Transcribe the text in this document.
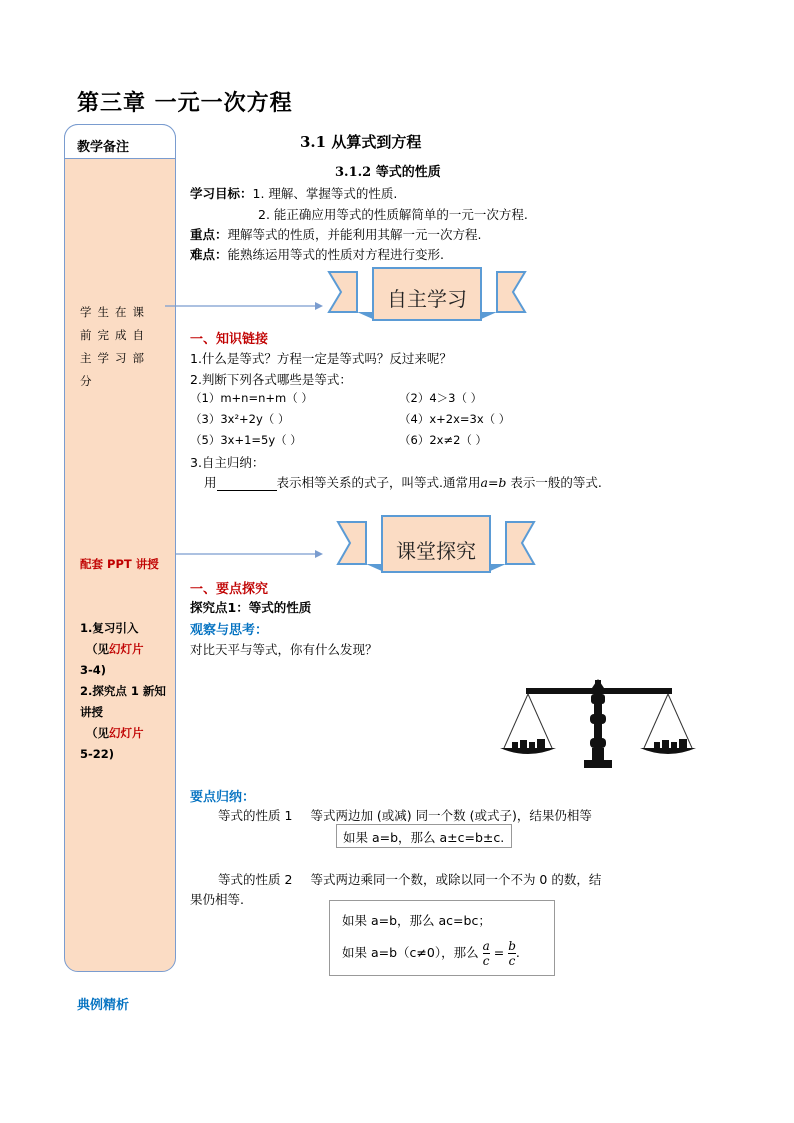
第三章 一元一次方程
教学备注
学生在课前完成自主学习部分
配套 PPT 讲授
1.复习引入
（见幻灯片
3-4)
2.探究点 1 新知讲授
（见幻灯片
5-22)
3.1 从算式到方程
3.1.2 等式的性质
学习目标：1. 理解、掌握等式的性质.
2. 能正确应用等式的性质解简单的一元一次方程.
重点：理解等式的性质，并能利用其解一元一次方程.
难点：能熟练运用等式的性质对方程进行变形.
自主学习
一、知识链接
1.什么是等式？方程一定是等式吗？反过来呢？
2.判断下列各式哪些是等式：
（1）m+n=n+m（ ）	（2）4＞3（ ）
（3）3x²+2y（ ）	（4）x+2x=3x（ ）
（5）3x+1=5y（ ）	（6）2x≠2（ ）
3.自主归纳：
用	表示相等关系的式子，叫等式.通常用a=b 表示一般的等式.
课堂探究
一、要点探究
探究点1：等式的性质
观察与思考：
对比天平与等式，你有什么发现？
要点归纳：
等式的性质 1 等式两边加 (或减) 同一个数 (或式子)，结果仍相等
如果 a=b，那么 a±c=b±c.
等式的性质 2 等式两边乘同一个数，或除以同一个不为 0 的数，结
果仍相等.
如果 a=b，那么 ac=bc；
如果 a=b（c≠0），那么 $\frac{a}{c} = \frac{b}{c}$ .
典例精析
